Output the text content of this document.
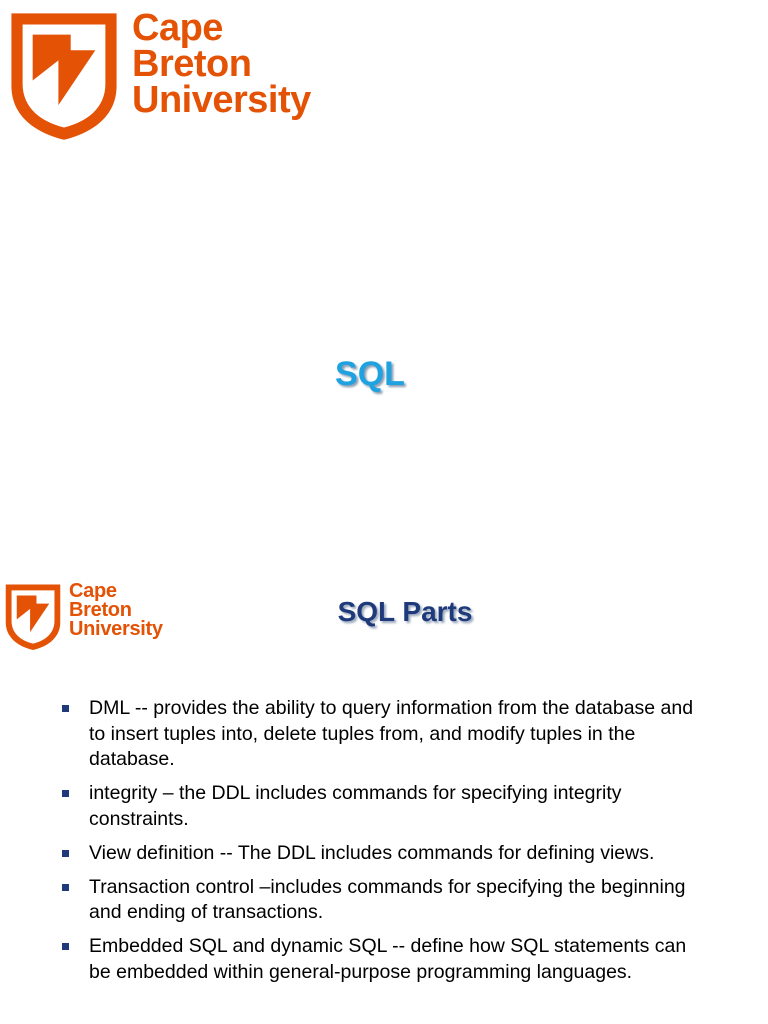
Cape
Breton
University
SQL
Cape
Breton
University
SQL Parts
DML -- provides the ability to query information from the database and to insert tuples into, delete tuples from, and modify tuples in the database.
integrity – the DDL includes commands for specifying integrity constraints.
View definition -- The DDL includes commands for defining views.
Transaction control –includes commands for specifying the beginning and ending of transactions.
Embedded SQL and dynamic SQL -- define how SQL statements can be embedded within general-purpose programming languages.
